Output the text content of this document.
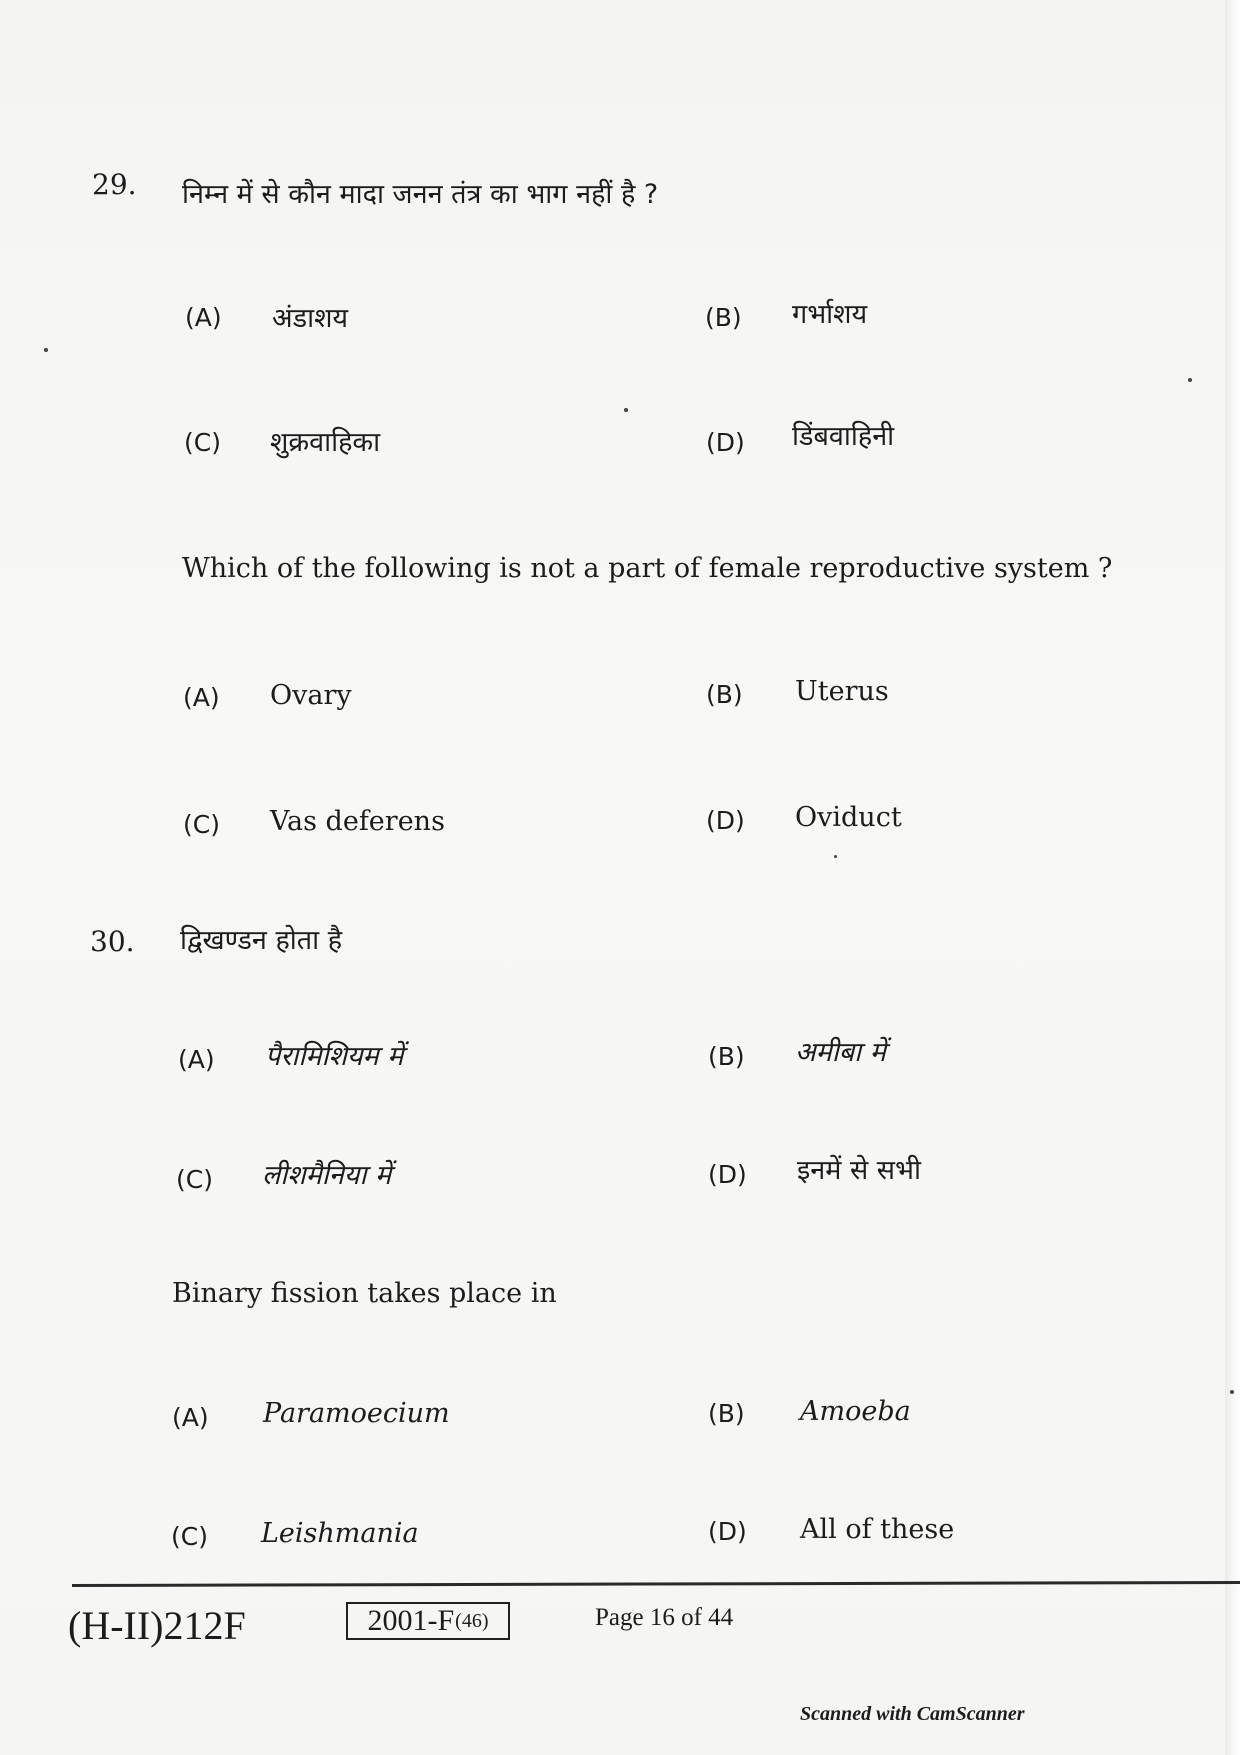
29. निम्न में से कौन मादा जनन तंत्र का भाग नहीं है ?
(A) अंडाशय	(B) गर्भाशय
(C) शुक्रवाहिका	(D) डिंबवाहिनी
Which of the following is not a part of female reproductive system ?
(A) Ovary	(B) Uterus
(C) Vas deferens	(D) Oviduct
30. द्विखण्डन होता है
(A) पैरामिशियम में	(B) अमीबा में
(C) लीशमैनिया में	(D) इनमें से सभी
Binary fission takes place in
(A) Paramoecium	(B) Amoeba
(C) Leishmania	(D) All of these
(H-II)212F	2001-F (46)	Page 16 of 44
Scanned with CamScanner
